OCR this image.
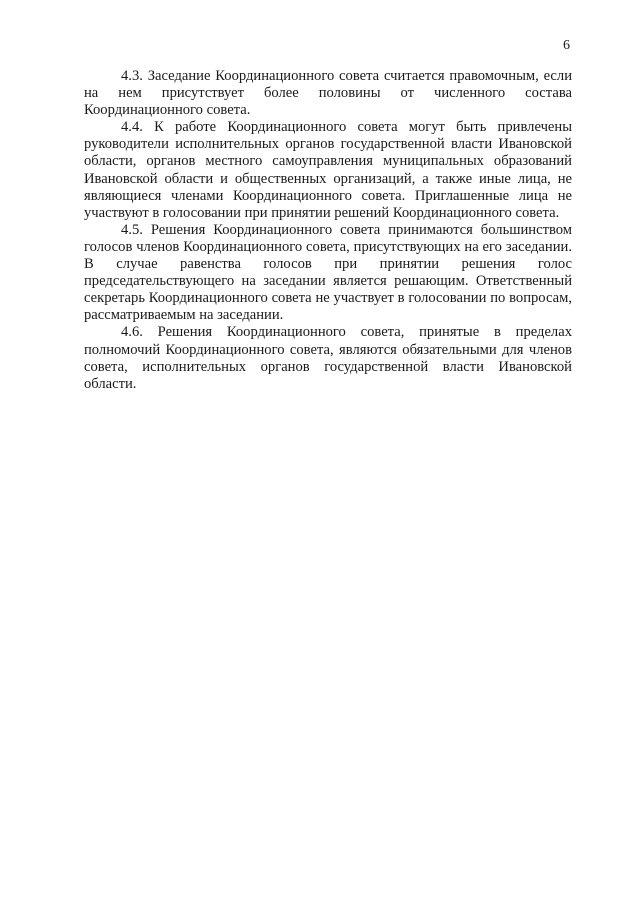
6

4.3. Заседание Координационного совета считается правомочным, если на нем присутствует более половины от численного состава Координационного совета.

4.4. К работе Координационного совета могут быть привлечены руководители исполнительных органов государственной власти Ивановской области, органов местного самоуправления муниципальных образований Ивановской области и общественных организаций, а также иные лица, не являющиеся членами Координационного совета. Приглашенные лица не участвуют в голосовании при принятии решений Координационного совета.

4.5. Решения Координационного совета принимаются большинством голосов членов Координационного совета, присутствующих на его заседании. В случае равенства голосов при принятии решения голос председательствующего на заседании является решающим. Ответственный секретарь Координационного совета не участвует в голосовании по вопросам, рассматриваемым на заседании.

4.6. Решения Координационного совета, принятые в пределах полномочий Координационного совета, являются обязательными для членов совета, исполнительных органов государственной власти Ивановской области.
